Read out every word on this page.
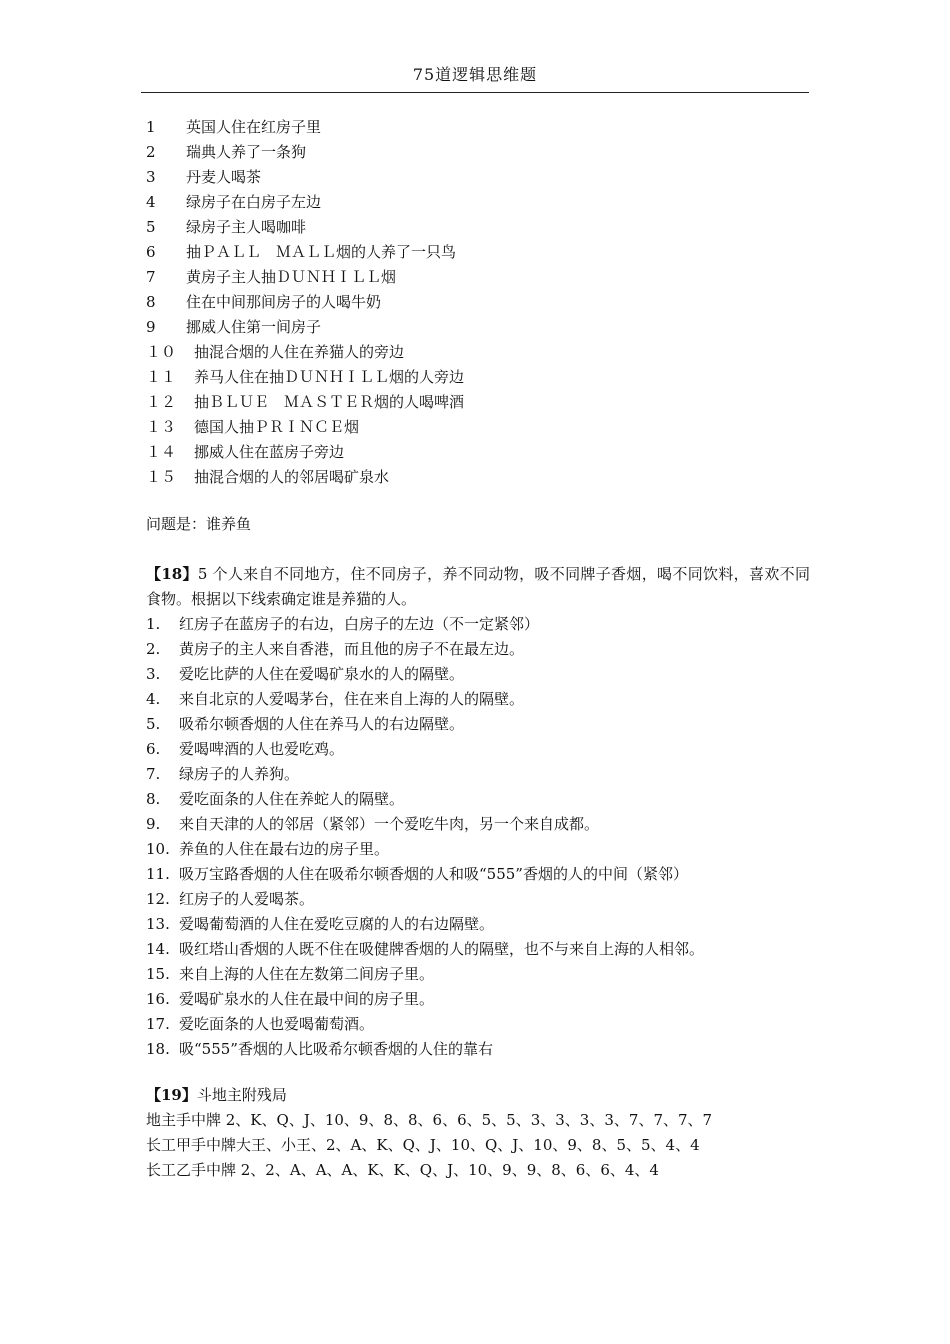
75道逻辑思维题
1 英国人住在红房子里
2 瑞典人养了一条狗
3 丹麦人喝茶
4 绿房子在白房子左边
5 绿房子主人喝咖啡
6 抽ＰＡＬＬ　ＭＡＬＬ烟的人养了一只鸟
7 黄房子主人抽ＤＵＮＨＩＬＬ烟
8 住在中间那间房子的人喝牛奶
9 挪威人住第一间房子
１０ 抽混合烟的人住在养猫人的旁边
１１ 养马人住在抽ＤＵＮＨＩＬＬ烟的人旁边
１２ 抽ＢＬＵＥ　ＭＡＳＴＥＲ烟的人喝啤酒
１３ 德国人抽ＰＲＩＮＣＥ烟
１４ 挪威人住在蓝房子旁边
１５ 抽混合烟的人的邻居喝矿泉水
问题是：谁养鱼
【18】5 个人来自不同地方，住不同房子，养不同动物，吸不同牌子香烟，喝不同饮料，喜欢不同食物。根据以下线索确定谁是养猫的人。
1. 红房子在蓝房子的右边，白房子的左边（不一定紧邻）
2. 黄房子的主人来自香港，而且他的房子不在最左边。
3. 爱吃比萨的人住在爱喝矿泉水的人的隔壁。
4. 来自北京的人爱喝茅台，住在来自上海的人的隔壁。
5. 吸希尔顿香烟的人住在养马人的右边隔壁。
6. 爱喝啤酒的人也爱吃鸡。
7. 绿房子的人养狗。
8. 爱吃面条的人住在养蛇人的隔壁。
9. 来自天津的人的邻居（紧邻）一个爱吃牛肉，另一个来自成都。
10. 养鱼的人住在最右边的房子里。
11. 吸万宝路香烟的人住在吸希尔顿香烟的人和吸“555”香烟的人的中间（紧邻）
12. 红房子的人爱喝茶。
13. 爱喝葡萄酒的人住在爱吃豆腐的人的右边隔壁。
14. 吸红塔山香烟的人既不住在吸健牌香烟的人的隔壁，也不与来自上海的人相邻。
15. 来自上海的人住在左数第二间房子里。
16. 爱喝矿泉水的人住在最中间的房子里。
17. 爱吃面条的人也爱喝葡萄酒。
18. 吸“555”香烟的人比吸希尔顿香烟的人住的靠右
【19】斗地主附残局
地主手中牌 2、K、Q、J、10、9、8、8、6、6、5、5、3、3、3、3、7、7、7、7
长工甲手中牌大王、小王、2、A、K、Q、J、10、Q、J、10、9、8、5、5、4、4
长工乙手中牌 2、2、A、A、A、K、K、Q、J、10、9、9、8、6、6、4、4
